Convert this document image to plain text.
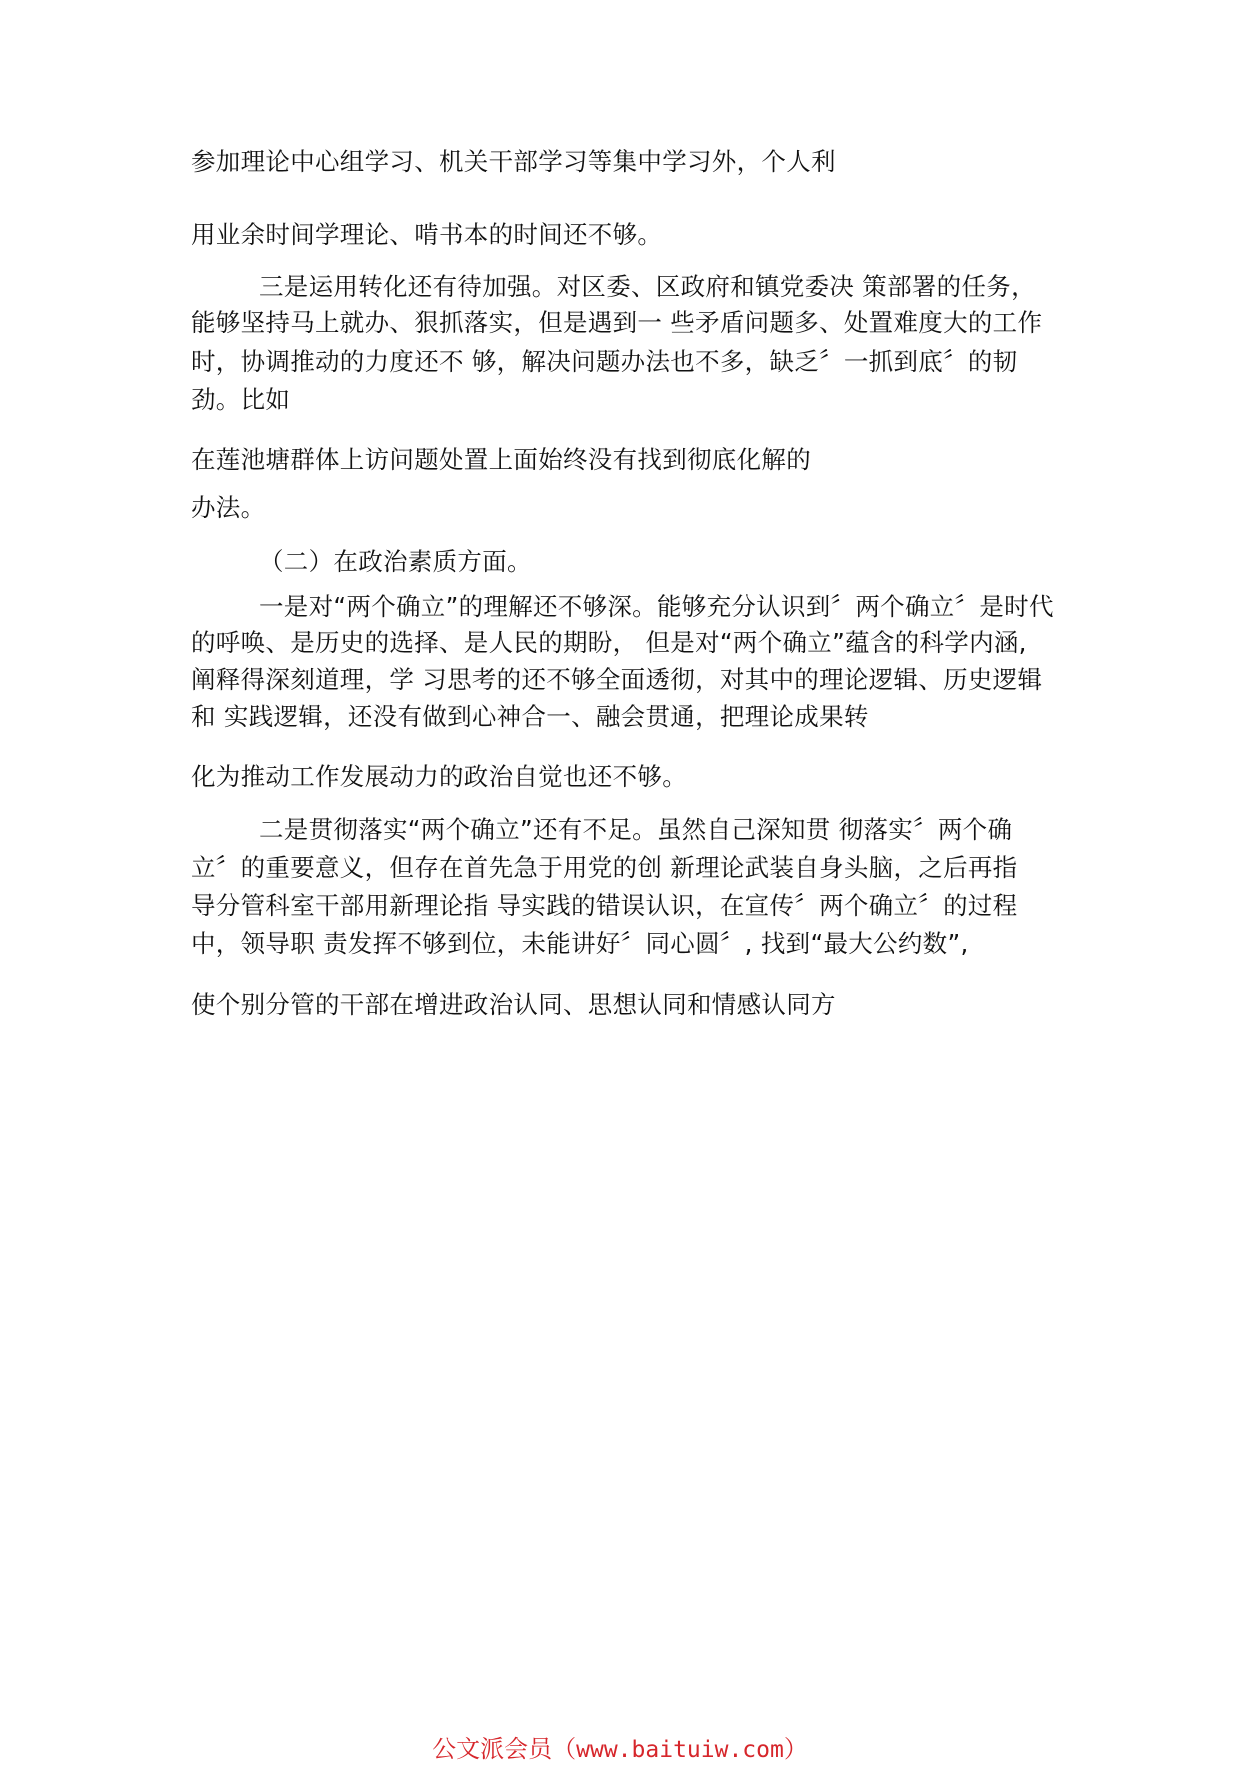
参加理论中心组学习、机关干部学习等集中学习外，个人利
用业余时间学理论、啃书本的时间还不够。
三是运用转化还有待加强。对区委、区政府和镇党委决 策部署的任务，
能够坚持马上就办、狠抓落实，但是遇到一 些矛盾问题多、处置难度大的工作
时，协调推动的力度还不 够，解决问题办法也不多，缺乏〞一抓到底〞的韧
劲。比如
在莲池塘群体上访问题处置上面始终没有找到彻底化解的
办法。
（二）在政治素质方面。
一是对“两个确立”的理解还不够深。能够充分认识到〞两个确立〞是时代
的呼唤、是历史的选择、是人民的期盼， 但是对“两个确立”蕴含的科学内涵,
阐释得深刻道理，学 习思考的还不够全面透彻，对其中的理论逻辑、历史逻辑
和 实践逻辑，还没有做到心神合一、融会贯通，把理论成果转
化为推动工作发展动力的政治自觉也还不够。
二是贯彻落实“两个确立”还有不足。虽然自己深知贯 彻落实〞两个确
立〞的重要意义，但存在首先急于用党的创 新理论武装自身头脑，之后再指
导分管科室干部用新理论指 导实践的错误认识，在宣传〞两个确立〞的过程
中，领导职 责发挥不够到位，未能讲好〞同心圆〞, 找到“最大公约数”,
使个别分管的干部在增进政治认同、思想认同和情感认同方
公文派会员（www.baituiw.com）
